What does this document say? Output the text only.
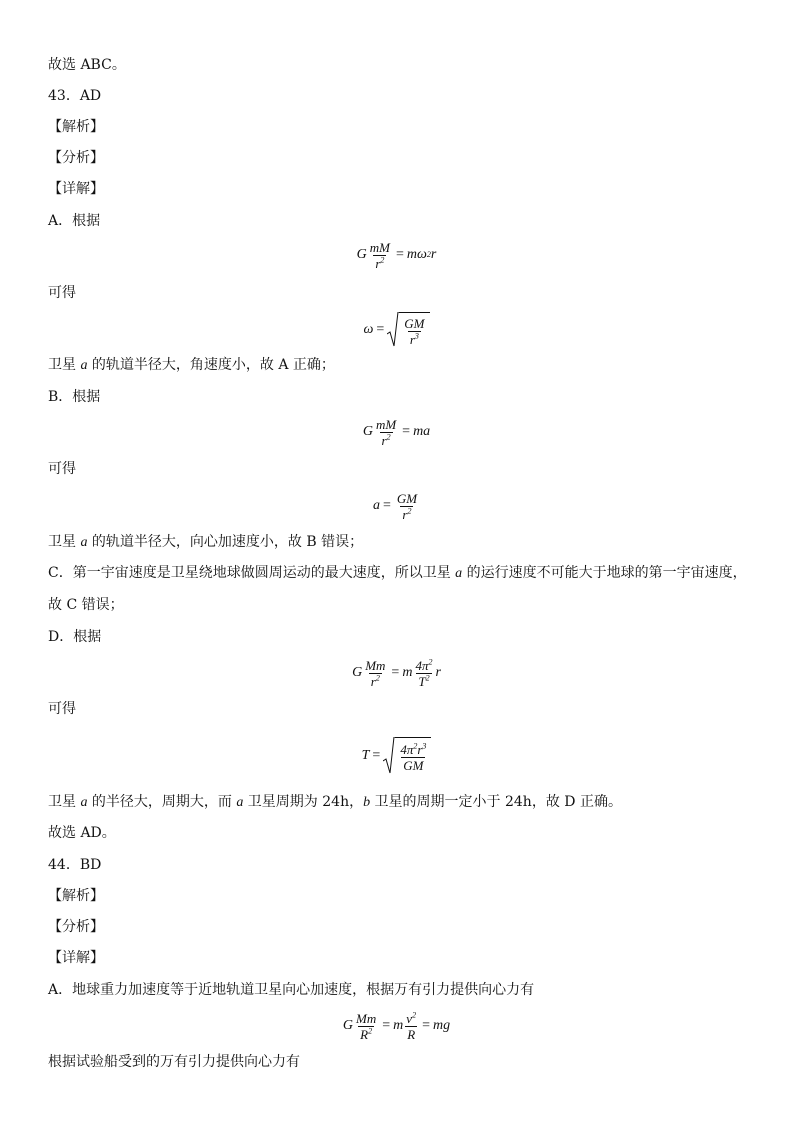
故选 ABC。
43．AD
【解析】
【分析】
【详解】
A．根据
G $\frac{mM}{r^2} = m\omega$ 2 r
可得
$\omega = \frac{GM}{r^3}$
卫星 a 的轨道半径大，角速度小，故 A 正确；
B．根据
G $\frac{mM}{r^2}$ = ma
可得
$a = \frac{GM}{r^2}$
卫星 a 的轨道半径大，向心加速度小，故 B 错误；
C．第一宇宙速度是卫星绕地球做圆周运动的最大速度，所以卫星 a 的运行速度不可能大于地球的第一宇宙速度，
故 C 错误；
D．根据
G $\frac{Mm}{r^2} = m \frac{4\pi^2}{T^2}$ r
可得
$T = \frac{4\pi^2r^3}{GM}$
卫星 a 的半径大，周期大，而 a 卫星周期为 24h，b 卫星的周期一定小于 24h，故 D 正确。
故选 AD。
44．BD
【解析】
【分析】
【详解】
A．地球重力加速度等于近地轨道卫星向心加速度，根据万有引力提供向心力有
G $\frac{Mm}{R^2} = m \frac{v^2}{R}$ = mg
根据试验船受到的万有引力提供向心力有
